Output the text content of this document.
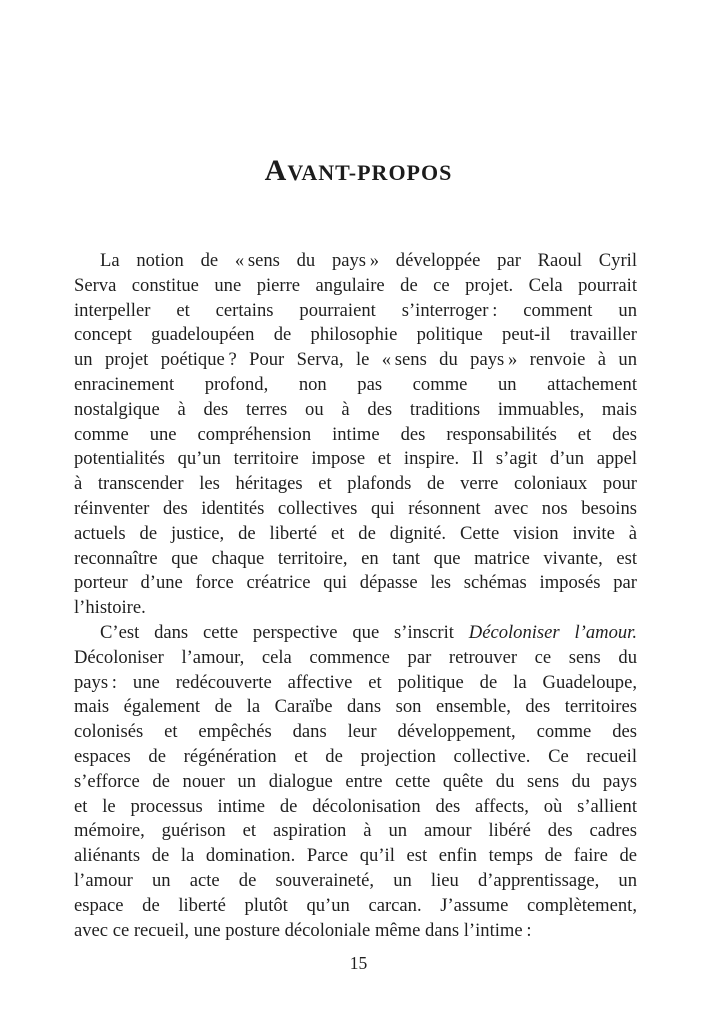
AVANT-PROPOS
La notion de « sens du pays » développée par Raoul Cyril
Serva constitue une pierre angulaire de ce projet. Cela pourrait
interpeller et certains pourraient s’interroger : comment un
concept guadeloupéen de philosophie politique peut-il travailler
un projet poétique ? Pour Serva, le « sens du pays » renvoie à un
enracinement profond, non pas comme un attachement
nostalgique à des terres ou à des traditions immuables, mais
comme une compréhension intime des responsabilités et des
potentialités qu’un territoire impose et inspire. Il s’agit d’un appel
à transcender les héritages et plafonds de verre coloniaux pour
réinventer des identités collectives qui résonnent avec nos besoins
actuels de justice, de liberté et de dignité. Cette vision invite à
reconnaître que chaque territoire, en tant que matrice vivante, est
porteur d’une force créatrice qui dépasse les schémas imposés par
l’histoire.
C’est dans cette perspective que s’inscrit Décoloniser l’amour.
Décoloniser l’amour, cela commence par retrouver ce sens du
pays : une redécouverte affective et politique de la Guadeloupe,
mais également de la Caraïbe dans son ensemble, des territoires
colonisés et empêchés dans leur développement, comme des
espaces de régénération et de projection collective. Ce recueil
s’efforce de nouer un dialogue entre cette quête du sens du pays
et le processus intime de décolonisation des affects, où s’allient
mémoire, guérison et aspiration à un amour libéré des cadres
aliénants de la domination. Parce qu’il est enfin temps de faire de
l’amour un acte de souveraineté, un lieu d’apprentissage, un
espace de liberté plutôt qu’un carcan. J’assume complètement,
avec ce recueil, une posture décoloniale même dans l’intime :
15
